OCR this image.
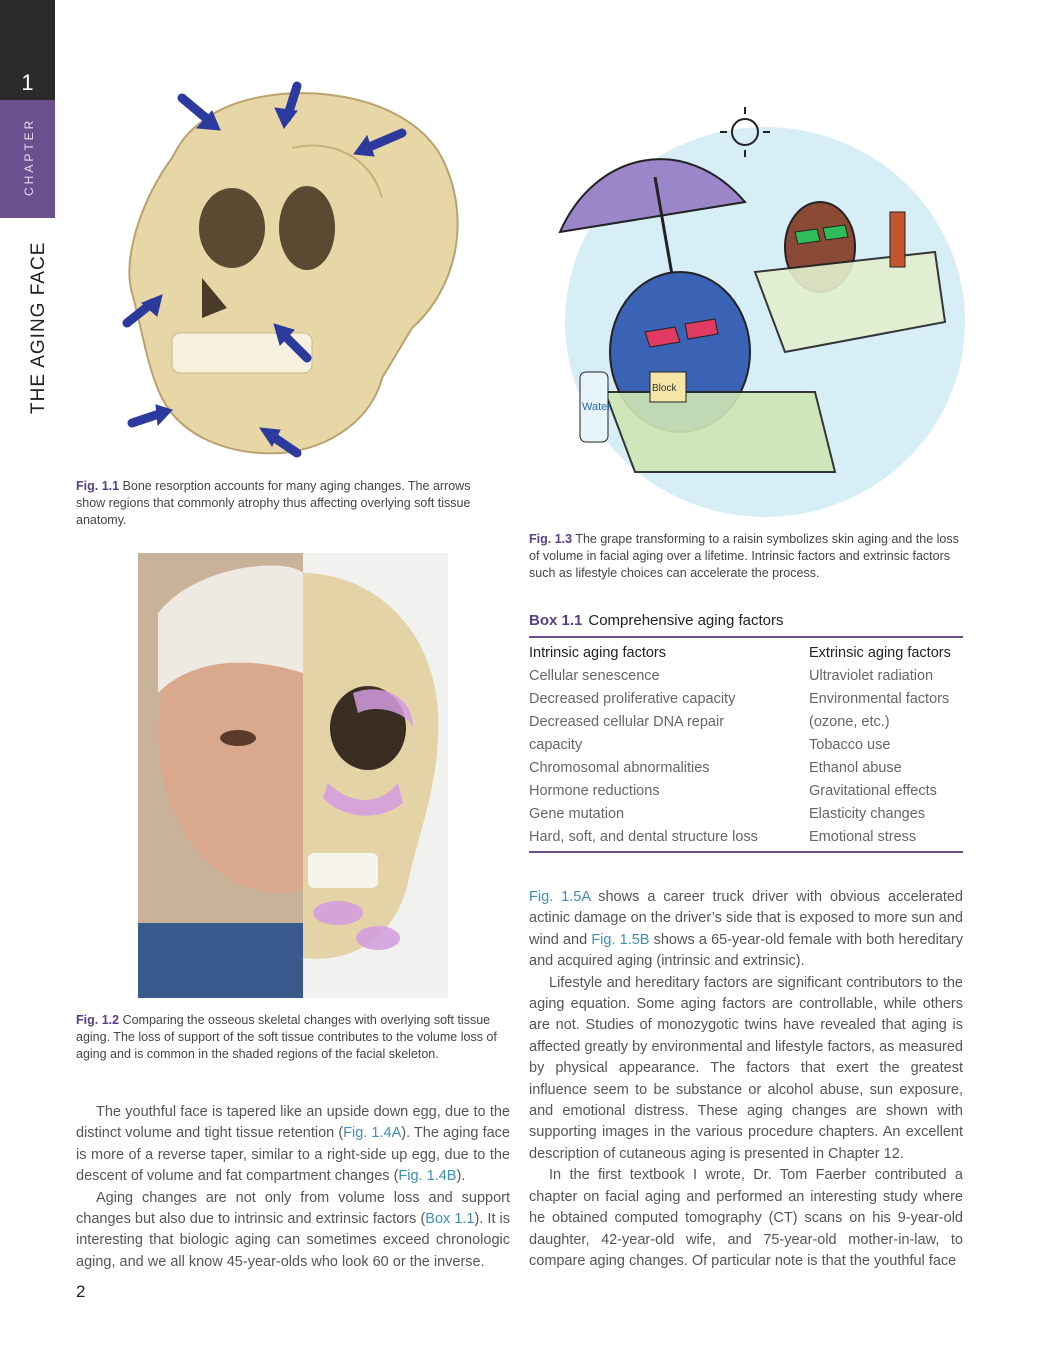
1
CHAPTER
THE AGING FACE
Fig. 1.1 Bone resorption accounts for many aging changes. The arrows show regions that commonly atrophy thus affecting overlying soft tissue anatomy.
Fig. 1.2 Comparing the osseous skeletal changes with overlying soft tissue aging. The loss of support of the soft tissue contributes to the volume loss of aging and is common in the shaded regions of the facial skeleton.
Water
Block
Fig. 1.3 The grape transforming to a raisin symbolizes skin aging and the loss of volume in facial aging over a lifetime. Intrinsic factors and extrinsic factors such as lifestyle choices can accelerate the process.
Box 1.1 Comprehensive aging factors
Intrinsic aging factors
Cellular senescence
Decreased proliferative capacity
Decreased cellular DNA repair
capacity
Chromosomal abnormalities
Hormone reductions
Gene mutation
Hard, soft, and dental structure loss
Extrinsic aging factors
Ultraviolet radiation
Environmental factors
(ozone, etc.)
Tobacco use
Ethanol abuse
Gravitational effects
Elasticity changes
Emotional stress

The youthful face is tapered like an upside down egg, due to the distinct volume and tight tissue retention (Fig. 1.4A). The aging face is more of a reverse taper, similar to a right-side up egg, due to the descent of volume and fat compartment changes (Fig. 1.4B).

Aging changes are not only from volume loss and support changes but also due to intrinsic and extrinsic factors (Box 1.1). It is interesting that biologic aging can sometimes exceed chronologic aging, and we all know 45-year-olds who look 60 or the inverse.

Fig. 1.5A shows a career truck driver with obvious accelerated actinic damage on the driver’s side that is exposed to more sun and wind and Fig. 1.5B shows a 65-year-old female with both hereditary and acquired aging (intrinsic and extrinsic).

Lifestyle and hereditary factors are significant contributors to the aging equation. Some aging factors are controllable, while others are not. Studies of monozygotic twins have revealed that aging is affected greatly by environmental and lifestyle factors, as measured by physical appearance. The factors that exert the greatest influence seem to be substance or alcohol abuse, sun exposure, and emotional distress. These aging changes are shown with supporting images in the various procedure chapters. An excellent description of cutaneous aging is presented in Chapter 12.

In the first textbook I wrote, Dr. Tom Faerber contributed a chapter on facial aging and performed an interesting study where he obtained computed tomography (CT) scans on his 9-year-old daughter, 42-year-old wife, and 75-year-old mother-in-law, to compare aging changes. Of particular note is that the youthful face

2
